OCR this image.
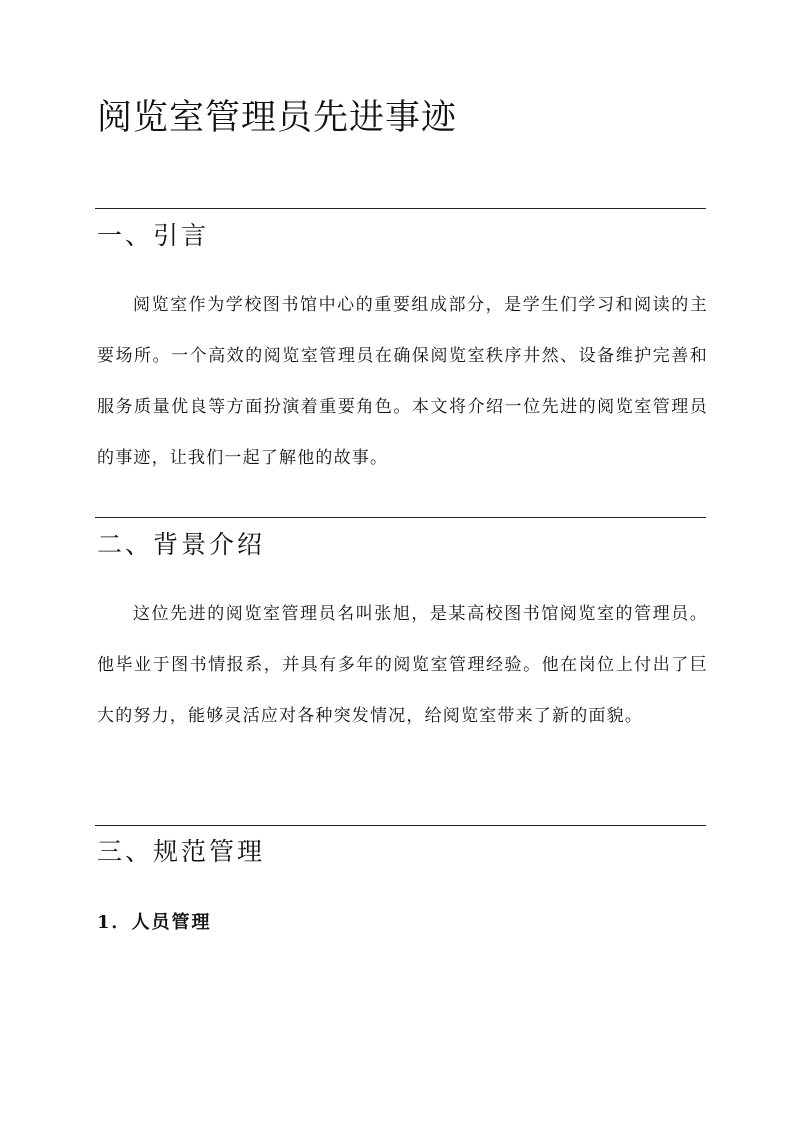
阅览室管理员先进事迹
一、引言

阅览室作为学校图书馆中心的重要组成部分，是学生们学习和阅读的主要场所。一个高效的阅览室管理员在确保阅览室秩序井然、设备维护完善和服务质量优良等方面扮演着重要角色。本文将介绍一位先进的阅览室管理员的事迹，让我们一起了解他的故事。

二、背景介绍

这位先进的阅览室管理员名叫张旭，是某高校图书馆阅览室的管理员。他毕业于图书情报系，并具有多年的阅览室管理经验。他在岗位上付出了巨大的努力，能够灵活应对各种突发情况，给阅览室带来了新的面貌。

三、规范管理
1．人员管理
